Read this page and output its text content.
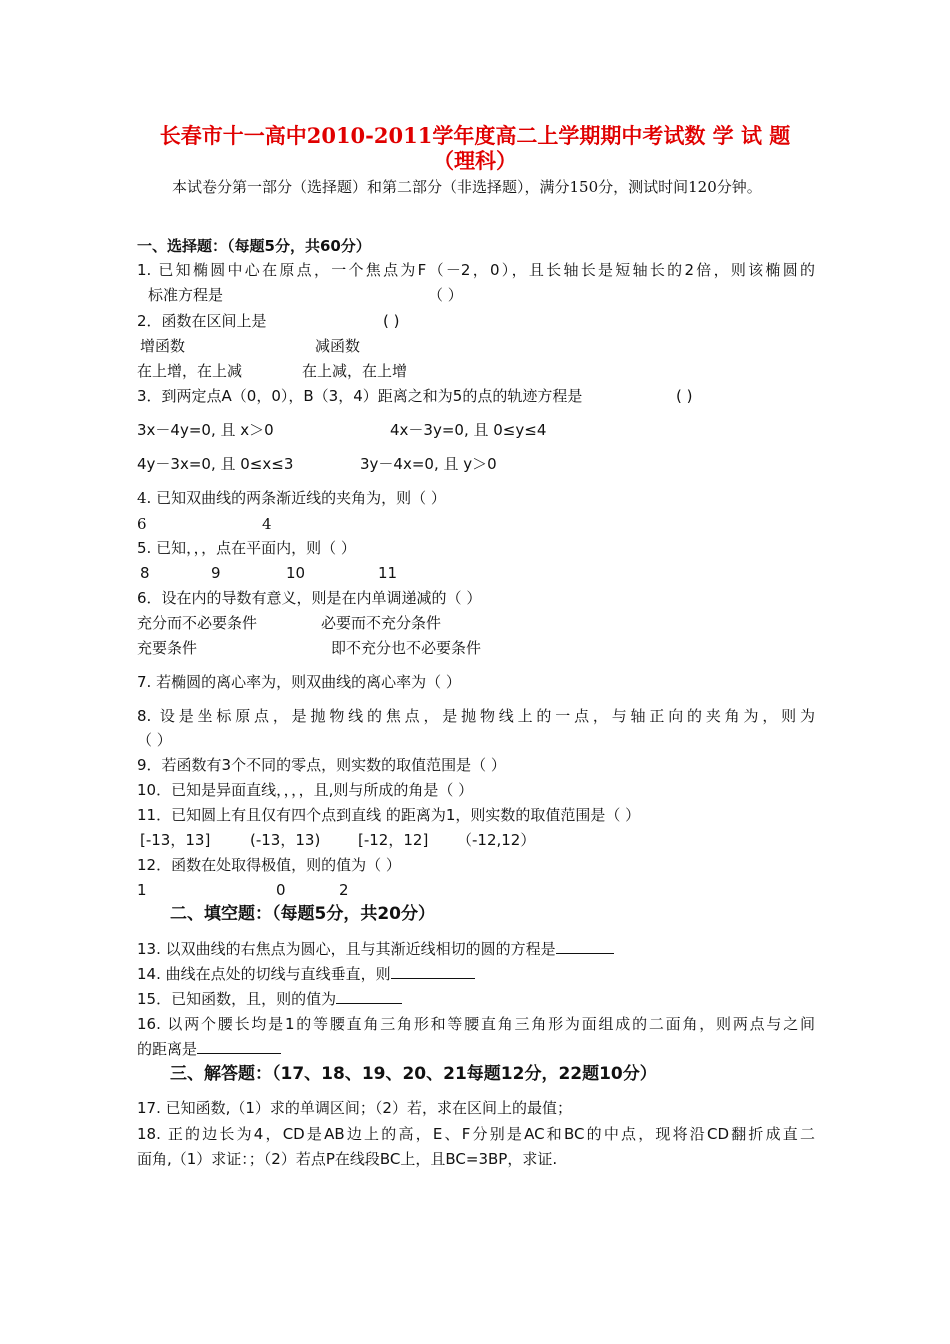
长春市十一高中2010-2011学年度高二上学期期中考试数 学 试 题
（理科）
本试卷分第一部分（选择题）和第二部分（非选择题），满分150分，测试时间120分钟。
一、选择题：（每题5分，共60分）
1. 已知椭圆中心在原点，一个焦点为F（－2，0），且长轴长是短轴长的2倍，则该椭圆的
标准方程是	（ ）
2．函数在区间上是	( )
增函数	减函数
在上增，在上减	在上减，在上增
3．到两定点A（0，0），B（3，4）距离之和为5的点的轨迹方程是	( )
3x－4y=0, 且 x＞0	4x－3y=0, 且 0≤y≤4
4y－3x=0, 且 0≤x≤3	3y－4x=0, 且 y＞0
4. 已知双曲线的两条渐近线的夹角为，则（ ）
6	4
5. 已知，，，点在平面内，则（ ）
8	9	10	11
6．设在内的导数有意义，则是在内单调递减的（ ）
充分而不必要条件	必要而不充分条件
充要条件	即不充分也不必要条件
7. 若椭圆的离心率为，则双曲线的离心率为（ ）
8. 设是坐标原点，是抛物线的焦点，是抛物线上的一点，与轴正向的夹角为，则为
（ ）
9．若函数有3个不同的零点，则实数的取值范围是（ ）
10．已知是异面直线，，，，且,则与所成的角是（ ）
11．已知圆上有且仅有四个点到直线 的距离为1，则实数的取值范围是（ ）
[-13，13]	(-13，13)	[-12，12] （-12,12）
12．函数在处取得极值，则的值为（ ）
1	0	2
二、填空题：（每题5分，共20分）
13. 以双曲线的右焦点为圆心，且与其渐近线相切的圆的方程是
14. 曲线在点处的切线与直线垂直，则
15．已知函数，且，则的值为
16. 以两个腰长均是1的等腰直角三角形和等腰直角三角形为面组成的二面角，则两点与之间
的距离是
三、解答题：（17、18、19、20、21每题12分，22题10分）
17. 已知函数,（1）求的单调区间；（2）若，求在区间上的最值；
18. 正的边长为4，CD是AB边上的高，E、F分别是AC和BC的中点，现将沿CD翻折成直二
面角,（1）求证：；（2）若点P在线段BC上，且BC=3BP，求证.
